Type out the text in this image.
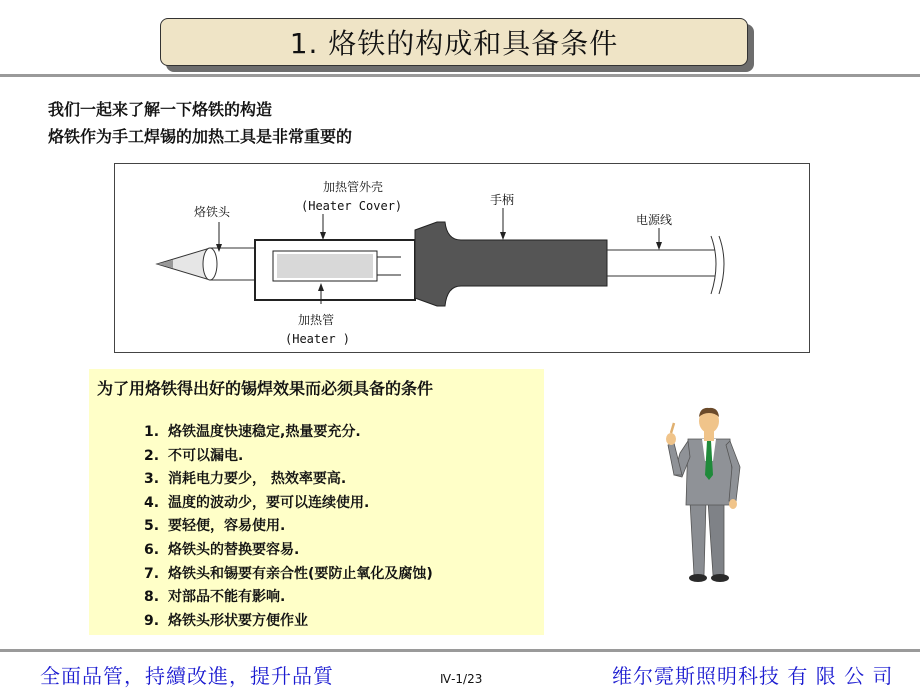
1. 烙铁的构成和具备条件
我们一起来了解一下烙铁的构造
烙铁作为手工焊锡的加热工具是非常重要的
烙铁头
加热管外壳
(Heater Cover)	手柄
电源线
加热管
(Heater )
为了用烙铁得出好的锡焊效果而必须具备的条件
1. 烙铁温度快速稳定,热量要充分.
2. 不可以漏电.
3. 消耗电力要少， 热效率要高.
4. 温度的波动少，要可以连续使用.
5. 要轻便，容易使用.
6. 烙铁头的替换要容易.
7. 烙铁头和锡要有亲合性(要防止氧化及腐蚀)
8. 对部品不能有影响.
9. 烙铁头形状要方便作业
全面品管，持續改進，提升品質	Ⅳ-1/23	维尔霓斯照明科技 有 限 公 司
